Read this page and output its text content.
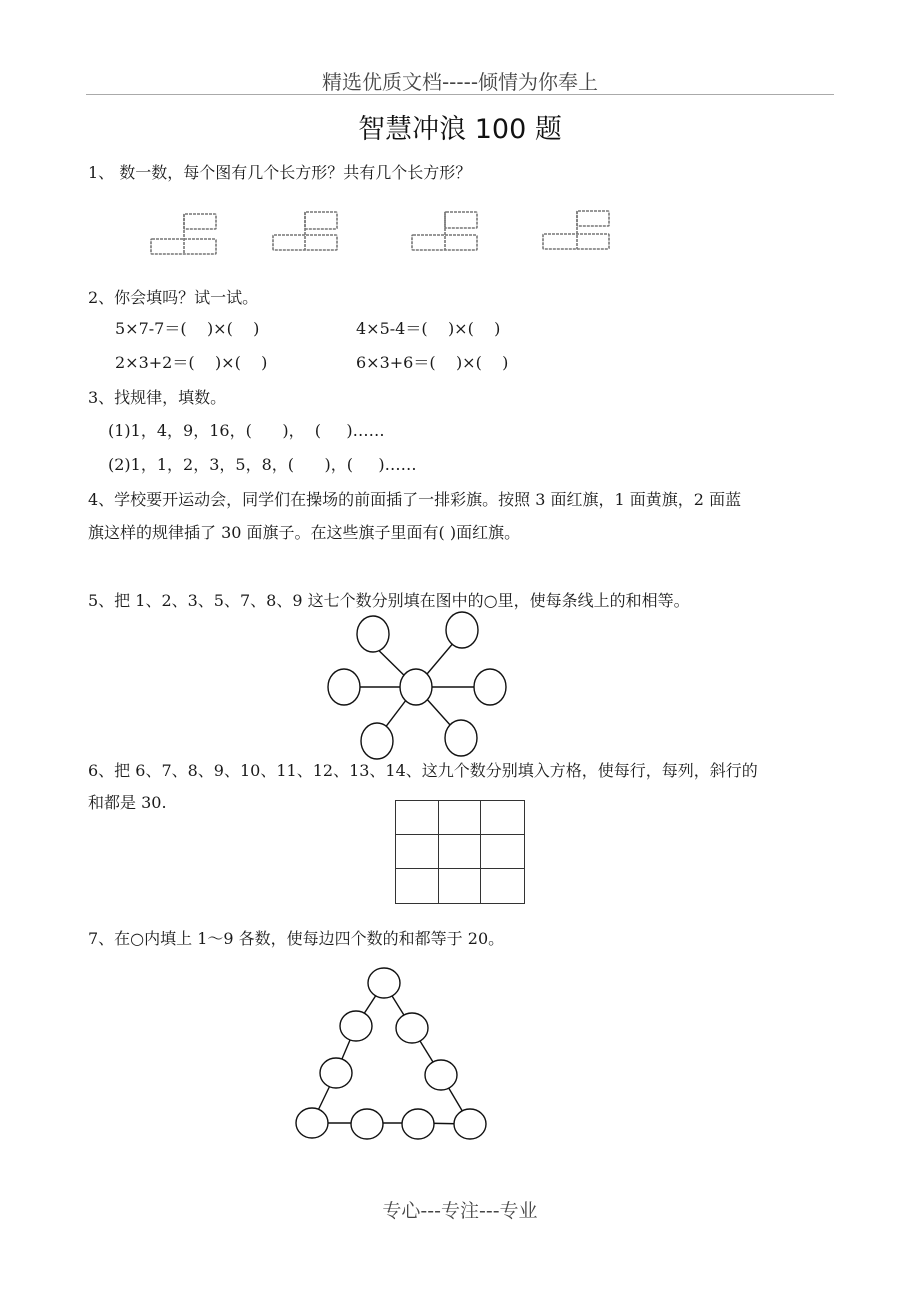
精选优质文档-----倾情为你奉上
智慧冲浪 100 题
1、 数一数，每个图有几个长方形？共有几个长方形？
2、你会填吗？试一试。
5×7-7＝(    )×(    )	4×5-4＝(    )×(    )
2×3+2＝(    )×(    )	6×3+6＝(    )×(    )
3、找规律，填数。
(1)1，4，9，16，(      )，  (     )……
(2)1，1，2，3，5，8，(      )，(     )……
4、学校要开运动会，同学们在操场的前面插了一排彩旗。按照 3 面红旗，1 面黄旗，2 面蓝
旗这样的规律插了 30 面旗子。在这些旗子里面有( )面红旗。
5、把 1、2、3、5、7、8、9 这七个数分别填在图中的○里，使每条线上的和相等。
6、把 6、7、8、9、10、11、12、13、14、这九个数分别填入方格，使每行，每列，斜行的
和都是 30.
7、在○内填上 1～9 各数，使每边四个数的和都等于 20。
专心---专注---专业
